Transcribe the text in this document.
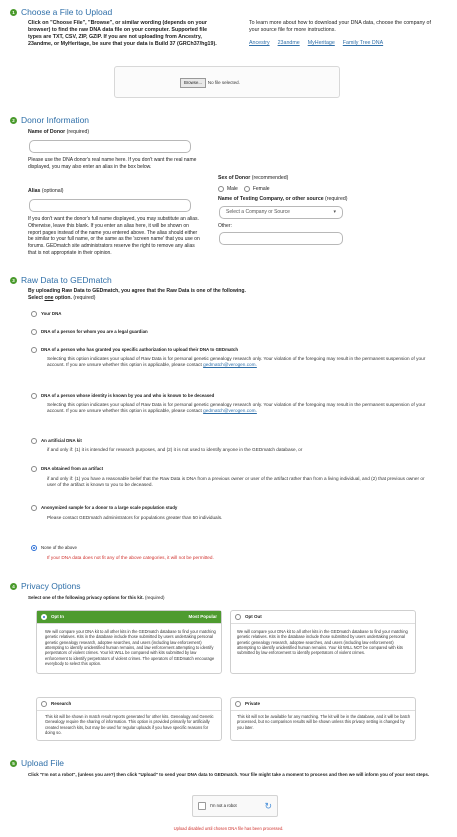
1 Choose a File to Upload
Click on "Choose File", "Browse", or similar wording (depends on your browser) to find the raw DNA data file on your computer. Supported file types are TXT, CSV, ZIP, GZIP. If you are not uploading from Ancestry, 23andme, or MyHeritage, be sure that your data is Build 37 (GRCh37/hg19).
To learn more about how to download your DNA data, choose the company of your source file for more instructions.
Ancestry 23andme MyHeritage Family Tree DNA
Browse...	No file selected.
2 Donor Information
Name of Donor (required)
Please use the DNA donor's real name here. If you don't want the real name displayed, you may also enter an alias in the box below.
Alias (optional)
If you don't want the donor's full name displayed, you may substitute an alias. Otherwise, leave this blank. If you enter an alias here, it will be shown on report pages instead of the name you entered above. The alias should either be similar to your full name, or the same as the 'screen name' that you use on forums. GEDmatch site administrators reserve the right to remove any alias that is not appropriate in their opinion.
Sex of Donor (recommended)
Male	Female
Name of Testing Company, or other source (required)
Select a Company or Source	▾
Other:
3 Raw Data to GEDmatch
By uploading Raw Data to GEDmatch, you agree that the Raw Data is one of the following.
Select one option. (required)
Your DNA
DNA of a person for whom you are a legal guardian
DNA of a person who has granted you specific authorization to upload their DNA to GEDmatch
Selecting this option indicates your upload of Raw Data is for personal genetic genealogy research only. Your violation of the foregoing may result in the permanent suspension of your account. If you are unsure whether this option is applicable, please contact gedmatch@verogen.com.
DNA of a person whose identity is known by you and who is known to be deceased
Selecting this option indicates your upload of Raw Data is for personal genetic genealogy research only. Your violation of the foregoing may result in the permanent suspension of your account. If you are unsure whether this option is applicable, please contact gedmatch@verogen.com.
An artificial DNA kit
if and only if: (1) it is intended for research purposes, and (2) it is not used to identify anyone in the GEDmatch database, or
DNA obtained from an artifact
if and only if: (1) you have a reasonable belief that the Raw Data is DNA from a previous owner or user of the artifact rather than from a living individual, and (2) that previous owner or user of the artifact is known to you to be deceased.
Anonymized sample for a donor to a large scale population study
Please contact GEDmatch administrators for populations greater than 50 individuals.
None of the above
If your DNA data does not fit any of the above categories, it will not be permitted.
4 Privacy Options
Select one of the following privacy options for this kit. (required)
Opt In	Most Popular
We will compare your DNA kit to all other kits in the GEDmatch database to find your matching genetic relatives. Kits in the database include those submitted by users undertaking personal genetic genealogy research, adoptee searches, and users (including law enforcement) attempting to identify unidentified human remains, and law enforcement attempting to identify perpetrators of violent crimes. Your kit WILL be compared with kits submitted by law enforcement to identify perpetrators of violent crimes. The operators of GEDmatch encourage everybody to select this option.
Opt Out
We will compare your DNA kit to all other kits in the GEDmatch database to find your matching genetic relatives. Kits in the database include those submitted by users undertaking personal genetic genealogy research, adoptee searches, and users (including law enforcement) attempting to identify unidentified human remains. Your kit WILL NOT be compared with kits submitted by law enforcement to identify perpetrators of violent crimes.
Research
This kit will be shown in match result reports generated for other kits. Genealogy and Genetic Genealogy require the sharing of information. This option is provided primarily for artificially created research kits, but may be used for regular uploads if you have specific reasons for doing so.
Private
This kit will not be available for any matching. The kit will be in the database, and it will be batch processed, but no comparison results will be shown unless this privacy setting is changed by you later.
5 Upload File
Click "I'm not a robot", (unless you are?) then click "Upload" to send your DNA data to GEDmatch. Your file might take a moment to process and then we will inform you of your next steps.
I'm not a robot	↻
Upload disabled until chosen DNA file has been processed.
